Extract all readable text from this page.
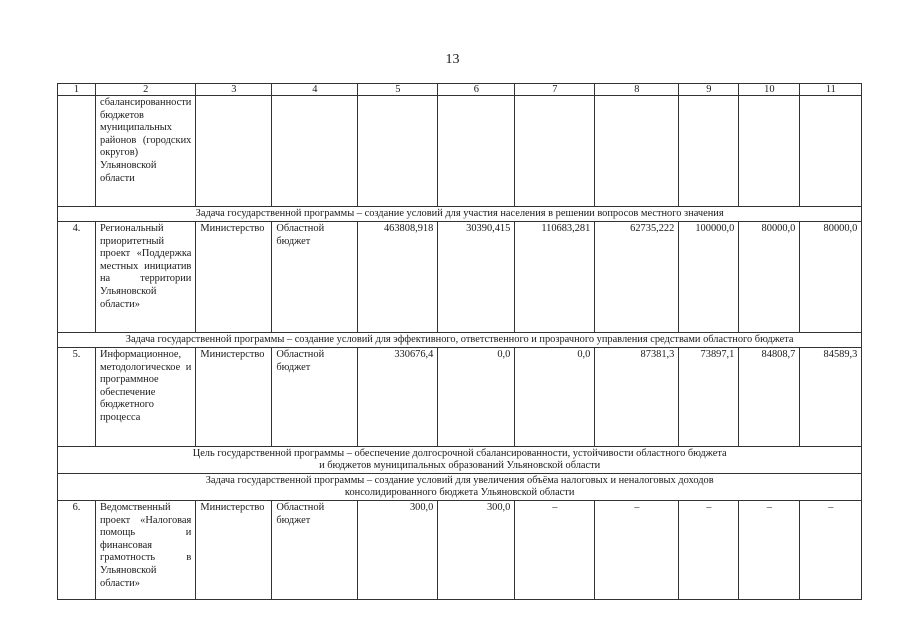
13
1	2	3	4	5	6	7	8	9	10	11
	сбалансированности бюджетов муниципальных районов (городских округов) Ульяновской области									
Задача государственной программы – создание условий для участия населения в решении вопросов местного значения										
4.	Региональный приоритетный проект «Поддержка местных инициатив на территории Ульяновской области»	Министерство	Областной бюджет	463808,918	30390,415	110683,281	62735,222	100000,0	80000,0	80000,0
Задача государственной программы – создание условий для эффективного, ответственного и прозрачного управления средствами областного бюджета										
5.	Информационное, методологическое и программное обеспечение бюджетного процесса	Министерство	Областной бюджет	330676,4	0,0	0,0	87381,3	73897,1	84808,7	84589,3

Цель государственной программы – обеспечение долгосрочной сбалансированности, устойчивости областного бюджета
и бюджетов муниципальных образований Ульяновской области										

Задача государственной программы – создание условий для увеличения объёма налоговых и неналоговых доходов
консолидированного бюджета Ульяновской области										

6.	Ведомственный проект «Налоговая помощь и финансовая грамотность в Ульяновской области»	Министерство	Областной бюджет	300,0	300,0	–	–	–	–	–
